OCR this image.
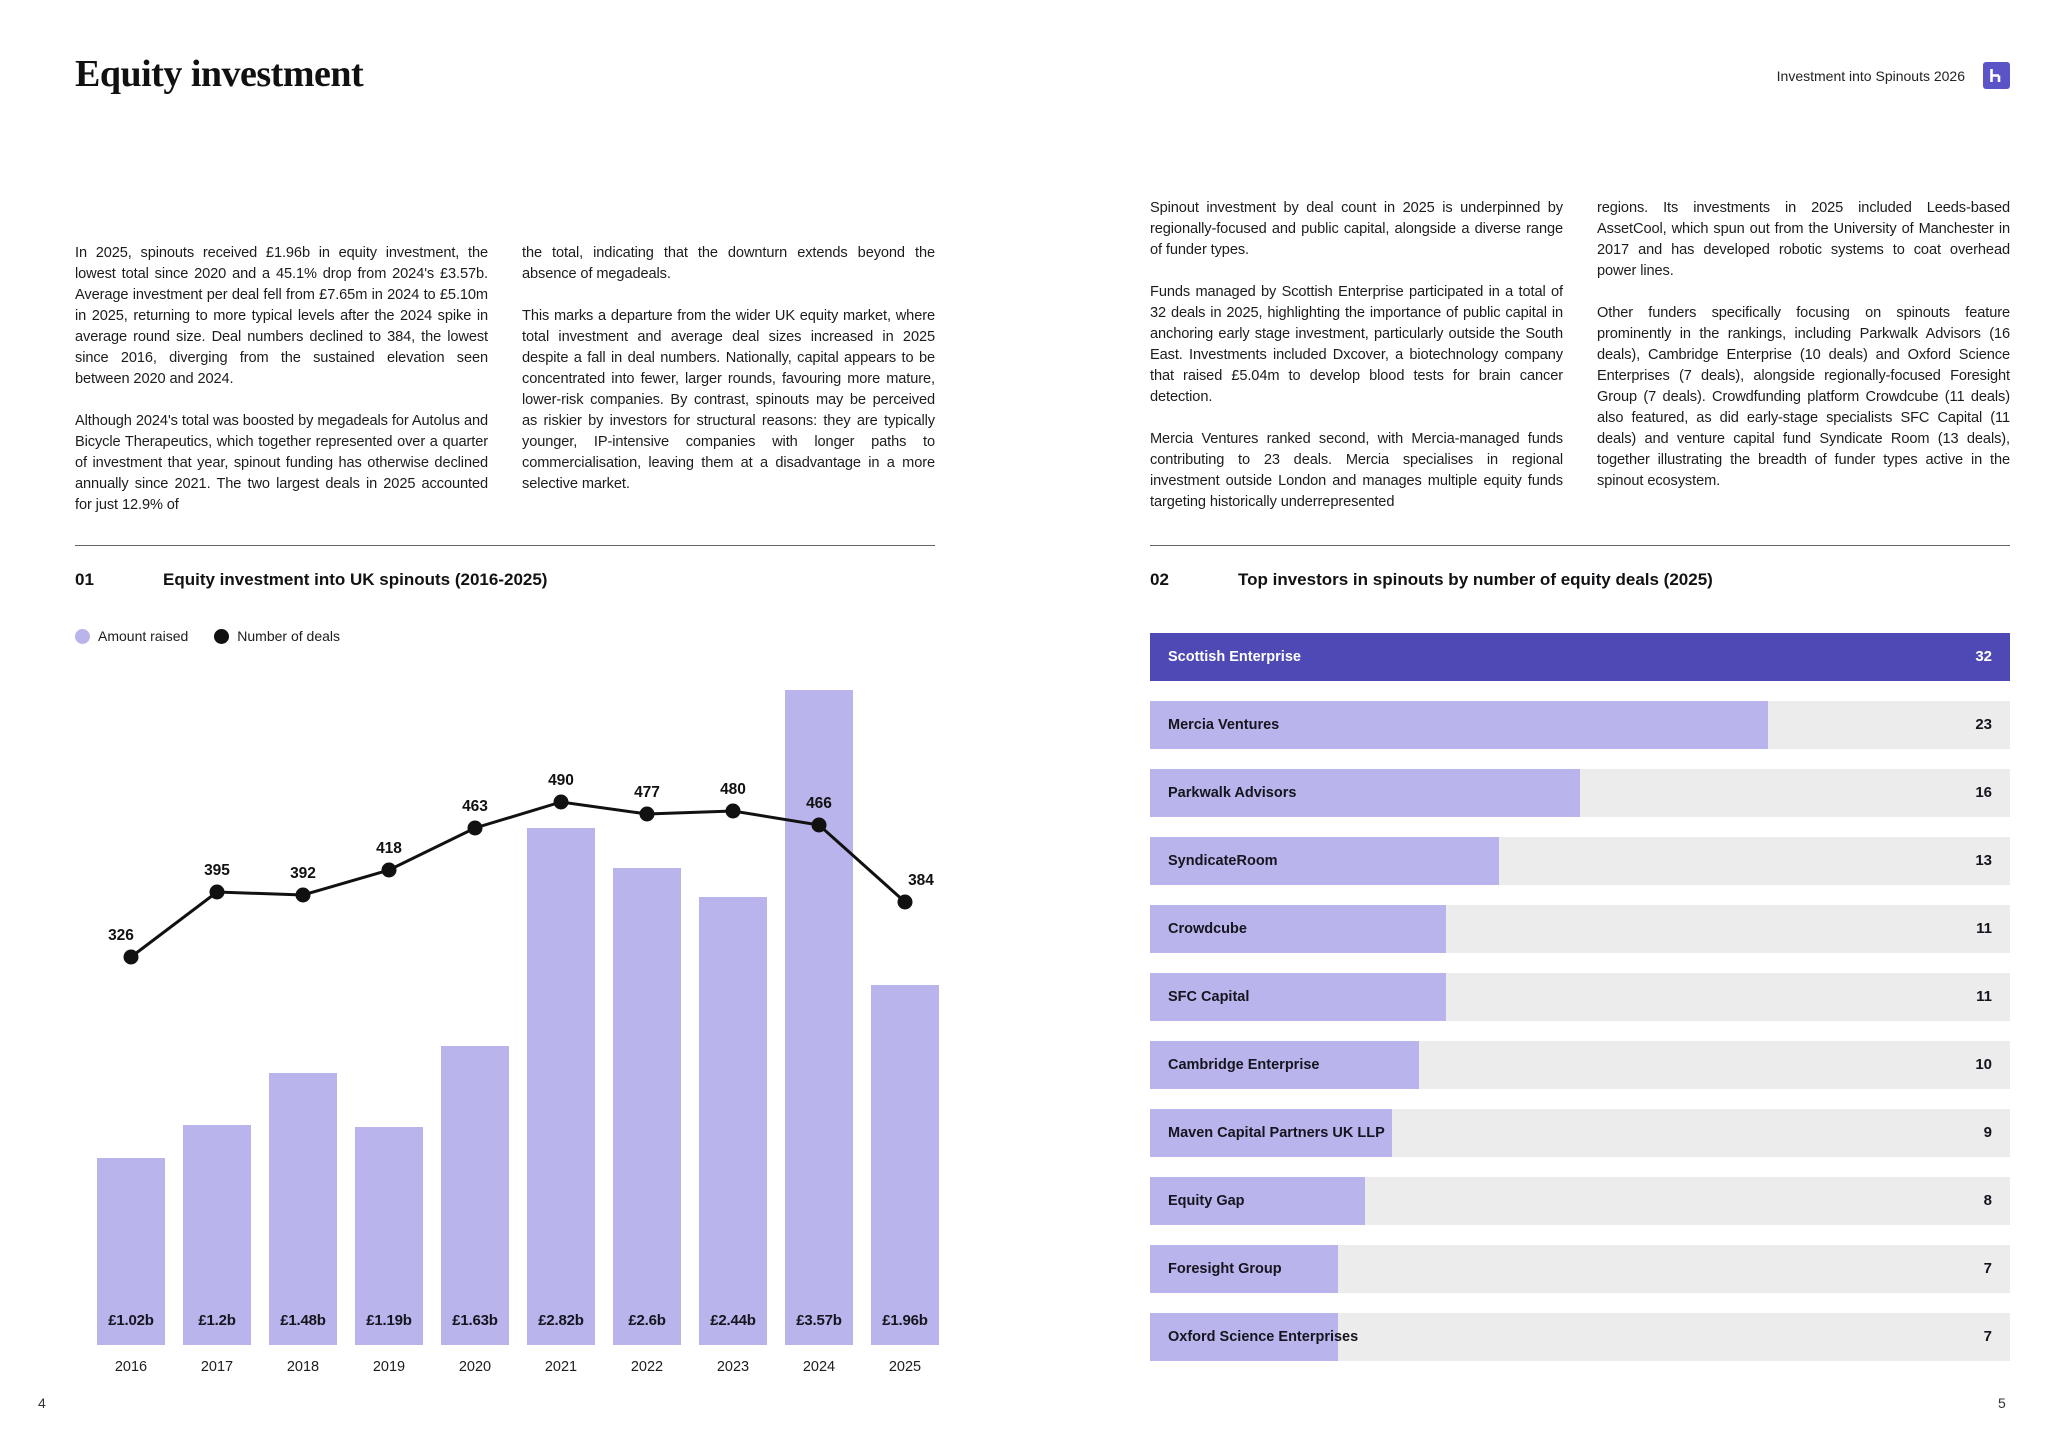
Equity investment	Investment into Spinouts 2026

In 2025, spinouts received £1.96b in equity investment, the lowest total since 2020 and a 45.1% drop from 2024's £3.57b. Average investment per deal fell from £7.65m in 2024 to £5.10m in 2025, returning to more typical levels after the 2024 spike in average round size. Deal numbers declined to 384, the lowest since 2016, diverging from the sustained elevation seen between 2020 and 2024.

Although 2024's total was boosted by megadeals for Autolus and Bicycle Therapeutics, which together represented over a quarter of investment that year, spinout funding has otherwise declined annually since 2021. The two largest deals in 2025 accounted for just 12.9% of

the total, indicating that the downturn extends beyond the absence of megadeals.

This marks a departure from the wider UK equity market, where total investment and average deal sizes increased in 2025 despite a fall in deal numbers. Nationally, capital appears to be concentrated into fewer, larger rounds, favouring more mature, lower-risk companies. By contrast, spinouts may be perceived as riskier by investors for structural reasons: they are typically younger, IP-intensive companies with longer paths to commercialisation, leaving them at a disadvantage in a more selective market.

Spinout investment by deal count in 2025 is underpinned by regionally-focused and public capital, alongside a diverse range of funder types.

Funds managed by Scottish Enterprise participated in a total of 32 deals in 2025, highlighting the importance of public capital in anchoring early stage investment, particularly outside the South East. Investments included Dxcover, a biotechnology company that raised £5.04m to develop blood tests for brain cancer detection.

Mercia Ventures ranked second, with Mercia-managed funds contributing to 23 deals. Mercia specialises in regional investment outside London and manages multiple equity funds targeting historically underrepresented

regions. Its investments in 2025 included Leeds-based AssetCool, which spun out from the University of Manchester in 2017 and has developed robotic systems to coat overhead power lines.

Other funders specifically focusing on spinouts feature prominently in the rankings, including Parkwalk Advisors (16 deals), Cambridge Enterprise (10 deals) and Oxford Science Enterprises (7 deals), alongside regionally-focused Foresight Group (7 deals). Crowdfunding platform Crowdcube (11 deals) also featured, as did early-stage specialists SFC Capital (11 deals) and venture capital fund Syndicate Room (13 deals), together illustrating the breadth of funder types active in the spinout ecosystem.

01	Equity investment into UK spinouts (2016-2025)
Amount raised	Number of deals
£1.02b
2016
£1.2b
2017
£1.48b
2018
£1.19b
2019
£1.63b
2020
£2.82b
2021
£2.6b
2022
£2.44b
2023
£3.57b
2024
£1.96b
2025
326
395	392
418
463
490
477	480
466
384
02	Top investors in spinouts by number of equity deals (2025)
Scottish Enterprise	32
Mercia Ventures	23
Parkwalk Advisors	16
SyndicateRoom	13
Crowdcube	11
SFC Capital	11
Cambridge Enterprise	10
Maven Capital Partners UK LLP	9
Equity Gap	8
Foresight Group	7
Oxford Science Enterprises	7
4	5
